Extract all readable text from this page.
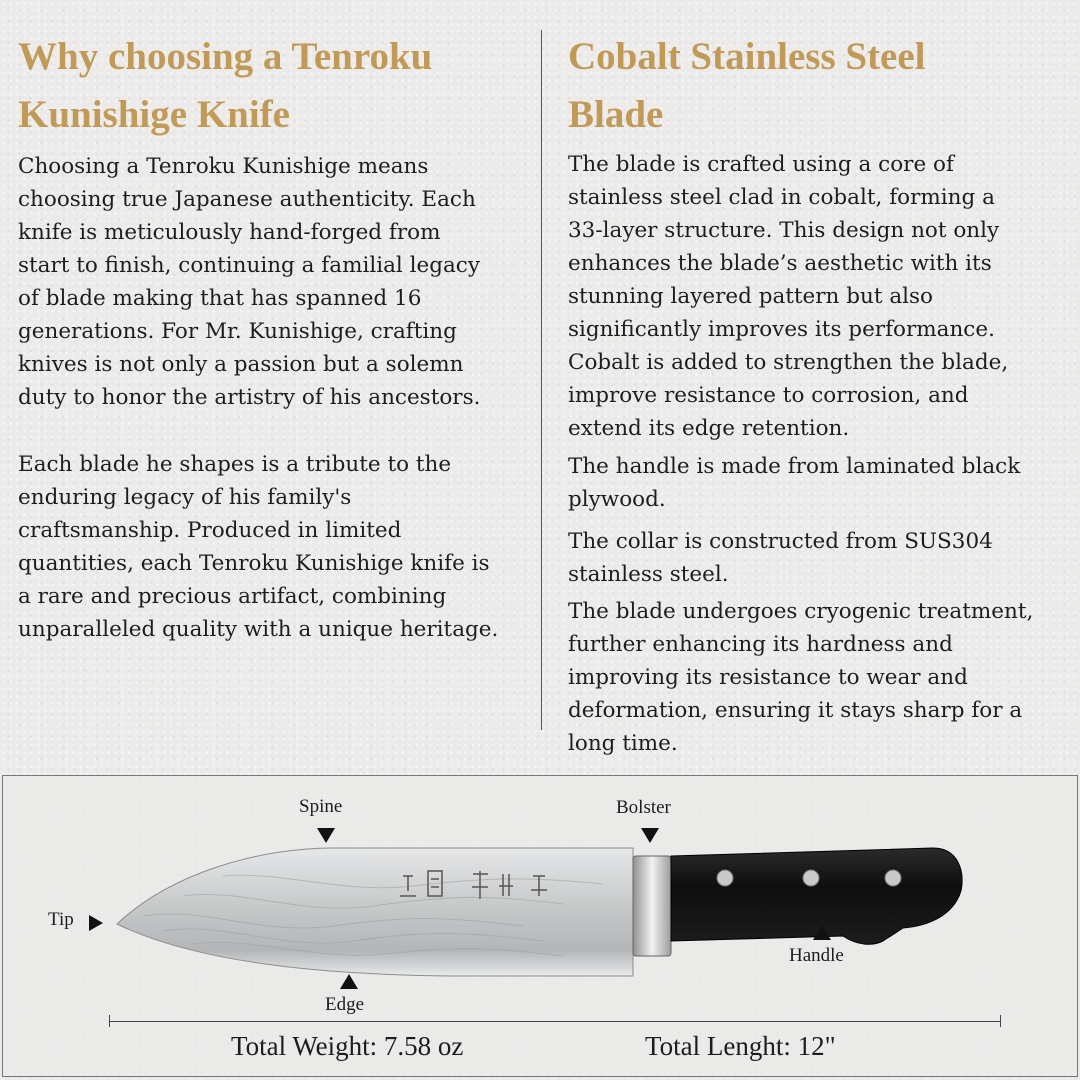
Why choosing a Tenroku
Kunishige Knife

Choosing a Tenroku Kunishige means
choosing true Japanese authenticity. Each
knife is meticulously hand-forged from
start to finish, continuing a familial legacy
of blade making that has spanned 16
generations. For Mr. Kunishige, crafting
knives is not only a passion but a solemn
duty to honor the artistry of his ancestors.

Each blade he shapes is a tribute to the
enduring legacy of his family's
craftsmanship. Produced in limited
quantities, each Tenroku Kunishige knife is
a rare and precious artifact, combining
unparalleled quality with a unique heritage.

Cobalt Stainless Steel
Blade

The blade is crafted using a core of
stainless steel clad in cobalt, forming a
33-layer structure. This design not only
enhances the blade’s aesthetic with its
stunning layered pattern but also
significantly improves its performance.
Cobalt is added to strengthen the blade,
improve resistance to corrosion, and
extend its edge retention.

The handle is made from laminated black
plywood.

The collar is constructed from SUS304
stainless steel.

The blade undergoes cryogenic treatment,
further enhancing its hardness and
improving its resistance to wear and
deformation, ensuring it stays sharp for a
long time.

Spine	Bolster
Tip
Handle
Edge
Total Weight: 7.58 oz	Total Lenght: 12"
